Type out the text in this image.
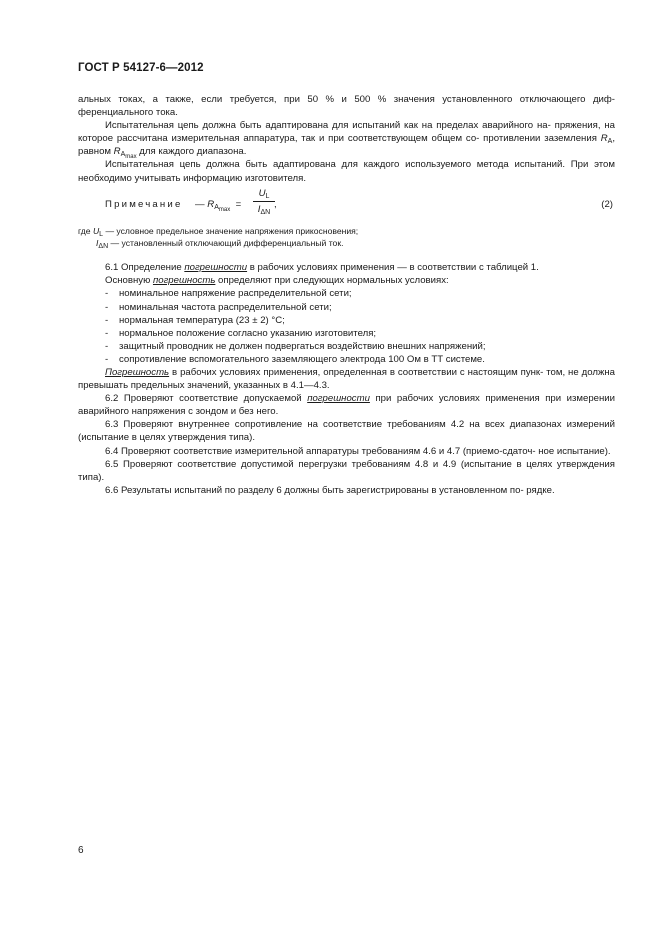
ГОСТ Р 54127-6—2012

альных токах, а также, если требуется, при 50 % и 500 % значения установленного отключающего диф- ференциального тока.

Испытательная цепь должна быть адаптирована для испытаний как на пределах аварийного на- пряжения, на которое рассчитана измерительная аппаратура, так и при соответствующем общем со- противлении заземления $R_A$, равном $R_{A_{max}}$ для каждого диапазона.

Испытательная цепь должна быть адаптирована для каждого используемого метода испытаний. При этом необходимо учитывать информацию изготовителя.

Примечание — $R_{A_{max}}$ =
$U_L$
$I_{\Delta N}$
,	(2)
где $U_L$ — условное предельное значение напряжения прикосновения;
$I_{\Delta N}$ — установленный отключающий дифференциальный ток.

6.1 Определение погрешности в рабочих условиях применения — в соответствии с таблицей 1.

Основную погрешность определяют при следующих нормальных условиях:

- номинальное напряжение распределительной сети;
- номинальная частота распределительной сети;
- нормальная температура (23 ± 2) °С;
- нормальное положение согласно указанию изготовителя;
- защитный проводник не должен подвергаться воздействию внешних напряжений;
- сопротивление вспомогательного заземляющего электрода 100 Ом в ТТ системе.

Погрешность в рабочих условиях применения, определенная в соответствии с настоящим пунк- том, не должна превышать предельных значений, указанных в 4.1—4.3.

6.2 Проверяют соответствие допускаемой погрешности при рабочих условиях применения при измерении аварийного напряжения с зондом и без него.

6.3 Проверяют внутреннее сопротивление на соответствие требованиям 4.2 на всех диапазонах измерений (испытание в целях утверждения типа).

6.4 Проверяют соответствие измерительной аппаратуры требованиям 4.6 и 4.7 (приемо-сдаточ- ное испытание).

6.5 Проверяют соответствие допустимой перегрузки требованиям 4.8 и 4.9 (испытание в целях утверждения типа).

6.6 Результаты испытаний по разделу 6 должны быть зарегистрированы в установленном по- рядке.

6
